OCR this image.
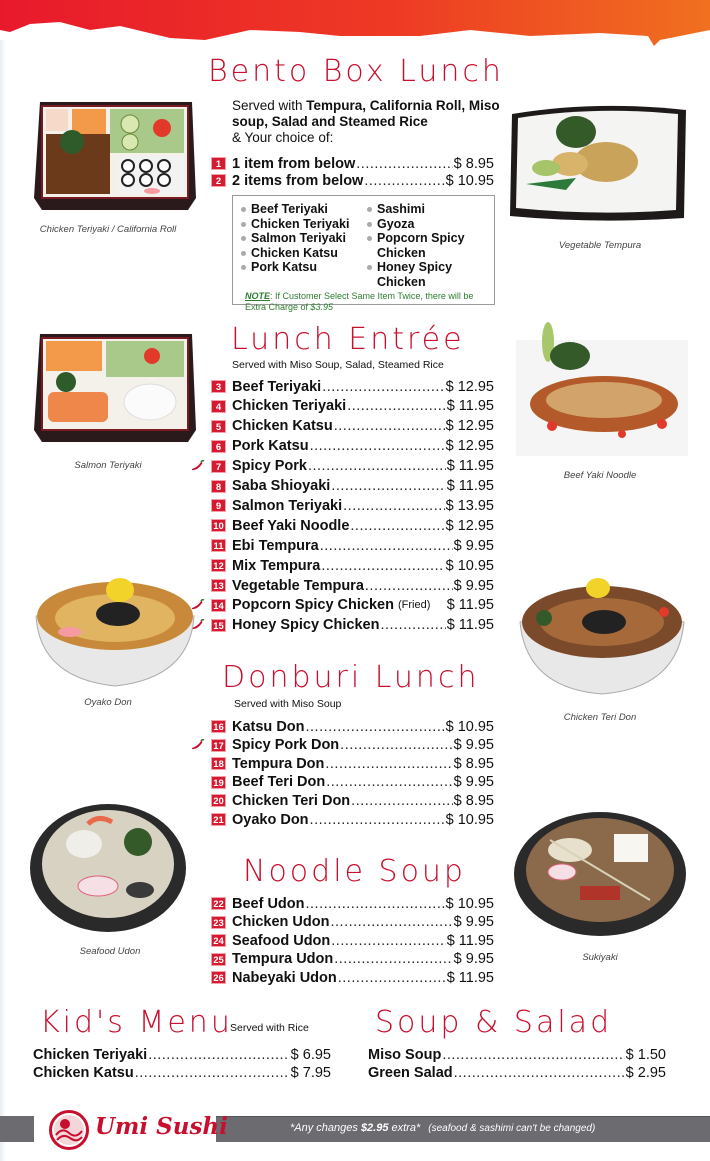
Bento Box Lunch
Served with Tempura, California Roll, Miso soup, Salad and Steamed Rice
& Your choice of:
1 1 item from below .....	$ 8.95
2 2 items from below .....	$ 10.95
Beef Teriyaki
Chicken Teriyaki
Salmon Teriyaki
Chicken Katsu
Pork Katsu
Sashimi
Gyoza
Popcorn Spicy Chicken
Honey Spicy Chicken
NOTE: If Customer Select Same Item Twice, there will be Extra Charge of $3.95
Chicken Teriyaki / California Roll
Vegetable Tempura
Lunch Entrée
Served with Miso Soup, Salad, Steamed Rice
3 Beef Teriyaki .....	$ 12.95
4 Chicken Teriyaki .....	$ 11.95
5 Chicken Katsu .....	$ 12.95
6 Pork Katsu .....	$ 12.95
7 Spicy Pork .....	$ 11.95
8 Saba Shioyaki .....	$ 11.95
9 Salmon Teriyaki .....	$ 13.95
10 Beef Yaki Noodle .....	$ 12.95
11 Ebi Tempura .....	$ 9.95
12 Mix Tempura .....	$ 10.95
13 Vegetable Tempura .....	$ 9.95
14 Popcorn Spicy Chicken (Fried) $ 11.95
15 Honey Spicy Chicken .....	$ 11.95
Salmon Teriyaki
Beef Yaki Noodle
Oyako Don
Chicken Teri Don
Donburi Lunch
Served with Miso Soup
16 Katsu Don .....	$ 10.95
17 Spicy Pork Don .....	$ 9.95
18 Tempura Don .....	$ 8.95
19 Beef Teri Don .....	$ 9.95
20 Chicken Teri Don .....	$ 8.95
21 Oyako Don .....	$ 10.95
Seafood Udon
Sukiyaki
Noodle Soup
22 Beef Udon .....	$ 10.95
23 Chicken Udon .....	$ 9.95
24 Seafood Udon .....	$ 11.95
25 Tempura Udon .....	$ 9.95
26 Nabeyaki Udon .....	$ 11.95
Kid's Menu
Served with Rice
Chicken Teriyaki .....	$ 6.95
Chicken Katsu .....	$ 7.95
Soup & Salad
Miso Soup .....	$ 1.50
Green Salad .....	$ 2.95
Umi Sushi	*Any changes $2.95 extra* (seafood & sashimi can't be changed)
